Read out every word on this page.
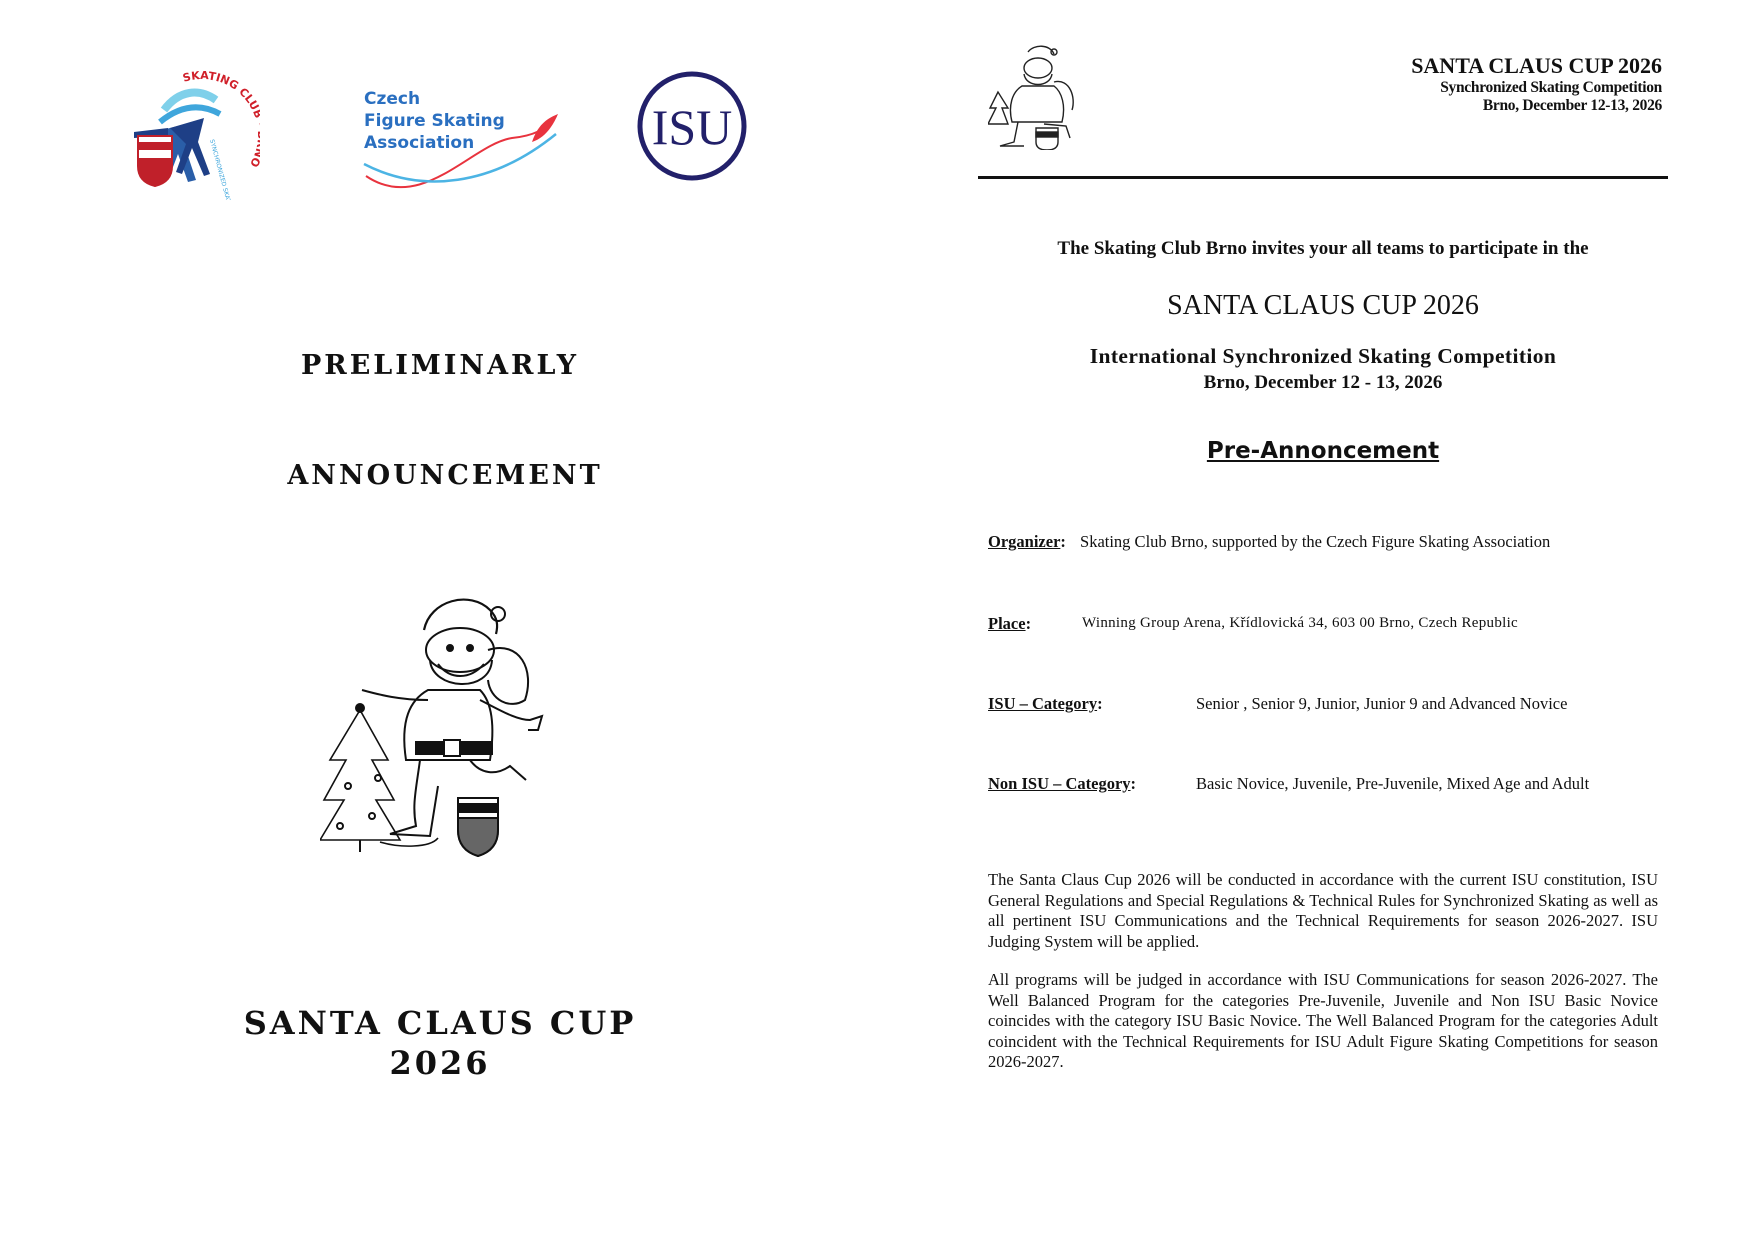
SKATING CLU
SYNCHRONIZED SKATING
Czech
Figure Skating
Association	ISU
PRELIMINARLY
ANNOUNCEMENT
SANTA CLAUS CUP
2026
SANTA CLAUS CUP 2026
Synchronized Skating Competition
Brno, December 12-13, 2026
The Skating Club Brno invites your all teams to participate in the
SANTA CLAUS CUP 2026
International Synchronized Skating Competition
Brno, December 12 - 13, 2026
Pre-Annoncement
Organizer: Skating Club Brno, supported by the Czech Figure Skating Association
Place:	Winning Group Arena, Křídlovická 34, 603 00 Brno, Czech Republic
ISU – Category:	Senior , Senior 9, Junior, Junior 9 and Advanced Novice
Non ISU – Category:	Basic Novice, Juvenile, Pre-Juvenile, Mixed Age and Adult

The Santa Claus Cup 2026 will be conducted in accordance with the current ISU constitution, ISU General Regulations and Special Regulations & Technical Rules for Synchronized Skating as well as all pertinent ISU Communications and the Technical Requirements for season 2026-2027. ISU Judging System will be applied.

All programs will be judged in accordance with ISU Communications for season 2026-2027. The Well Balanced Program for the categories Pre-Juvenile, Juvenile and Non ISU Basic Novice coincides with the category ISU Basic Novice. The Well Balanced Program for the categories Adult coincident with the Technical Requirements for ISU Adult Figure Skating Competitions for season 2026-2027.
